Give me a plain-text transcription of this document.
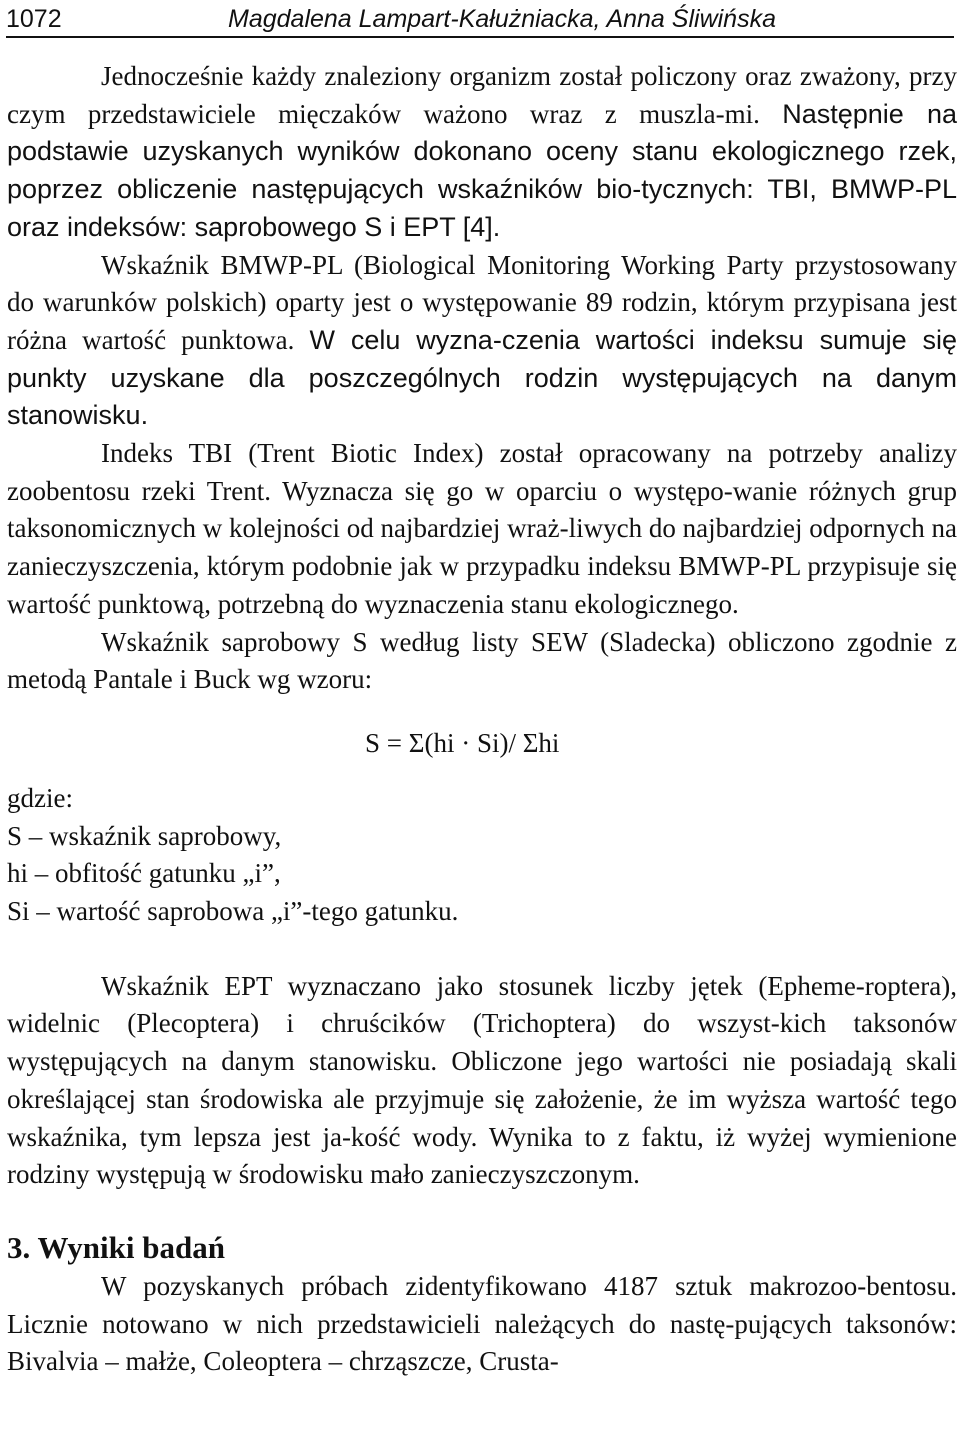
1072	Magdalena Lampart-Kałużniacka, Anna Śliwińska

Jednocześnie każdy znaleziony organizm został policzony oraz zważony, przy czym przedstawiciele mięczaków ważono wraz z muszla-mi. Następnie na podstawie uzyskanych wyników dokonano oceny stanu ekologicznego rzek, poprzez obliczenie następujących wskaźników bio-tycznych: TBI, BMWP-PL oraz indeksów: saprobowego S i EPT [4].

Wskaźnik BMWP-PL (Biological Monitoring Working Party przystosowany do warunków polskich) oparty jest o występowanie 89 rodzin, którym przypisana jest różna wartość punktowa. W celu wyzna-czenia wartości indeksu sumuje się punkty uzyskane dla poszczególnych rodzin występujących na danym stanowisku.

Indeks TBI (Trent Biotic Index) został opracowany na potrzeby analizy zoobentosu rzeki Trent. Wyznacza się go w oparciu o występo-wanie różnych grup taksonomicznych w kolejności od najbardziej wraż-liwych do najbardziej odpornych na zanieczyszczenia, którym podobnie jak w przypadku indeksu BMWP-PL przypisuje się wartość punktową, potrzebną do wyznaczenia stanu ekologicznego.

Wskaźnik saprobowy S według listy SEW (Sladecka) obliczono zgodnie z metodą Pantale i Buck wg wzoru:

S = Σ(hi · Si)/ Σhi

gdzie:

S – wskaźnik saprobowy,

hi – obfitość gatunku „i”,

Si – wartość saprobowa „i”-tego gatunku.

Wskaźnik EPT wyznaczano jako stosunek liczby jętek (Epheme-roptera), widelnic (Plecoptera) i chruścików (Trichoptera) do wszyst-kich taksonów występujących na danym stanowisku. Obliczone jego wartości nie posiadają skali określającej stan środowiska ale przyjmuje się założenie, że im wyższa wartość tego wskaźnika, tym lepsza jest ja-kość wody. Wynika to z faktu, iż wyżej wymienione rodziny występują w środowisku mało zanieczyszczonym.

3. Wyniki badań

W pozyskanych próbach zidentyfikowano 4187 sztuk makrozoo-bentosu. Licznie notowano w nich przedstawicieli należących do nastę-pujących taksonów: Bivalvia – małże, Coleoptera – chrząszcze, Crusta-
